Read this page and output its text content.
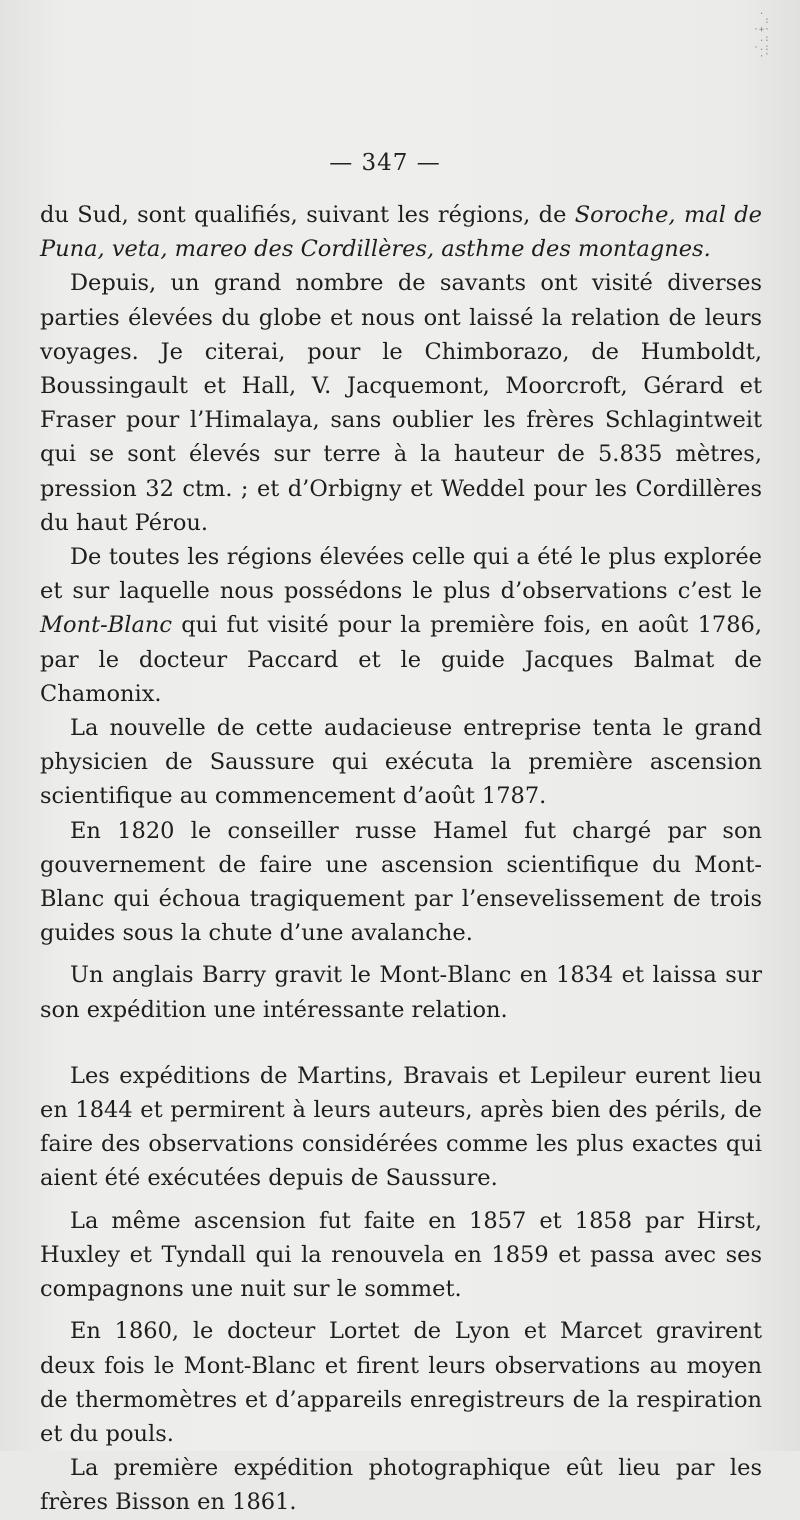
.
:
·+·
.:
·.:
·'
— 347 —

du Sud, sont qualifiés, suivant les régions, de Soroche, mal de Puna, veta, mareo des Cordillères, asthme des montagnes.

Depuis, un grand nombre de savants ont visité diverses parties élevées du globe et nous ont laissé la relation de leurs voyages. Je citerai, pour le Chimborazo, de Humboldt, Boussingault et Hall, V. Jacquemont, Moorcroft, Gérard et Fraser pour l’Himalaya, sans oublier les frères Schlagintweit qui se sont élevés sur terre à la hauteur de 5.835 mètres, pression 32 ctm. ; et d’Orbigny et Weddel pour les Cordillères du haut Pérou.

De toutes les régions élevées celle qui a été le plus explorée et sur laquelle nous possédons le plus d’observations c’est le Mont-Blanc qui fut visité pour la première fois, en août 1786, par le docteur Paccard et le guide Jacques Balmat de Chamonix.

La nouvelle de cette audacieuse entreprise tenta le grand physicien de Saussure qui exécuta la première ascension scientifique au commencement d’août 1787.

En 1820 le conseiller russe Hamel fut chargé par son gouvernement de faire une ascension scientifique du Mont-Blanc qui échoua tragiquement par l’ensevelissement de trois guides sous la chute d’une avalanche.

Un anglais Barry gravit le Mont-Blanc en 1834 et laissa sur son expédition une intéressante relation.

Les expéditions de Martins, Bravais et Lepileur eurent lieu en 1844 et permirent à leurs auteurs, après bien des périls, de faire des observations considérées comme les plus exactes qui aient été exécutées depuis de Saussure.

La même ascension fut faite en 1857 et 1858 par Hirst, Huxley et Tyndall qui la renouvela en 1859 et passa avec ses compagnons une nuit sur le sommet.

En 1860, le docteur Lortet de Lyon et Marcet gravirent deux fois le Mont-Blanc et firent leurs observations au moyen de thermomètres et d’appareils enregistreurs de la respiration et du pouls.

La première expédition photographique eût lieu par les frères Bisson en 1861.
